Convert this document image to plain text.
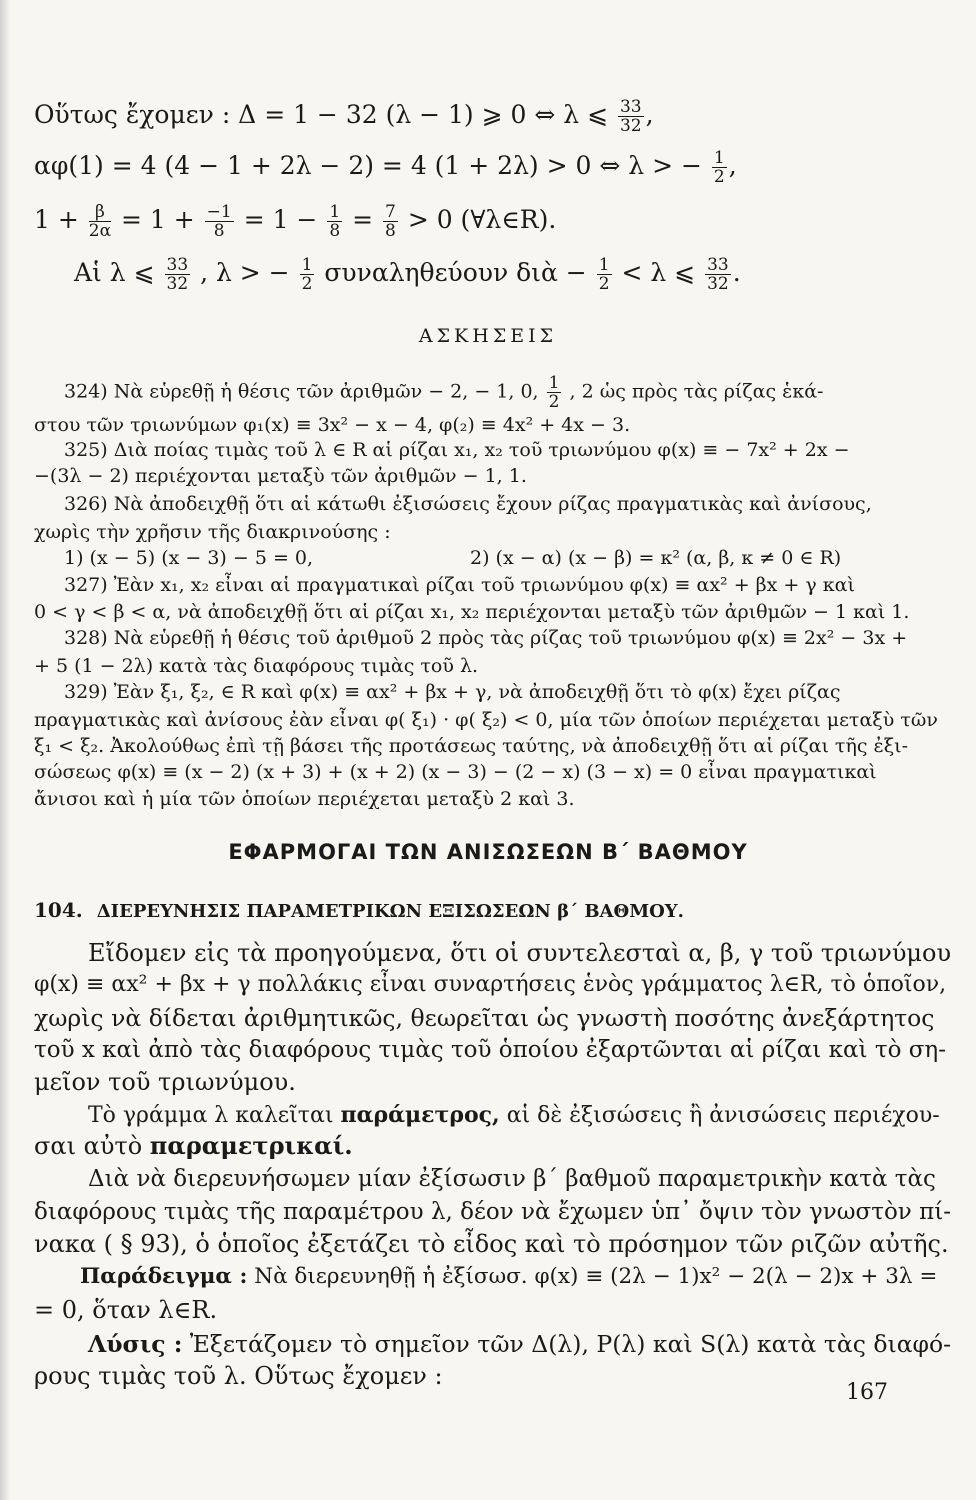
Οὕτως ἔχομεν : Δ = 1 − 32 (λ − 1) ⩾ 0 ⇔ λ ⩽ $\frac{33}{32}$ ,
αφ(1) = 4 (4 − 1 + 2λ − 2) = 4 (1 + 2λ) > 0 ⇔ λ > − $\frac{1}{2}$ ,
$1 + \frac{\beta}{2\alpha} = 1 + \frac{-1}{8} = 1 - \frac{1}{8} = \frac{7}{8} > 0$ (∀λ∈R).
Αἱ λ ⩽ $\frac{33}{32}$ , λ > − $\frac{1}{2}$ συναληθεύουν διὰ − $\frac{1}{2} < \lambda$ ⩽ $\frac{33}{32}$ .
ΑΣΚΗΣΕΙΣ
324) Νὰ εὑρεθῇ ἡ θέσις τῶν ἀριθμῶν − 2, − 1, 0, $\frac{1}{2}$ , 2 ὡς πρὸς τὰς ρίζας ἑκά-
στου τῶν τριωνύμων φ₁(x) ≡ 3x² − x − 4, φ(₂) ≡ 4x² + 4x − 3.
325) Διὰ ποίας τιμὰς τοῦ λ ∈ R αἱ ρίζαι x₁, x₂ τοῦ τριωνύμου φ(x) ≡ − 7x² + 2x −
−(3λ − 2) περιέχονται μεταξὺ τῶν ἀριθμῶν − 1, 1.
326) Νὰ ἀποδειχθῇ ὅτι αἱ κάτωθι ἐξισώσεις ἔχουν ρίζας πραγματικὰς καὶ ἀνίσους,
χωρὶς τὴν χρῆσιν τῆς διακρινούσης :
1) (x − 5) (x − 3) − 5 = 0,	2) (x − α) (x − β) = κ² (α, β, κ ≠ 0 ∈ R)
327) Ἐὰν x₁, x₂ εἶναι αἱ πραγματικαὶ ρίζαι τοῦ τριωνύμου φ(x) ≡ αx² + βx + γ καὶ
0 < γ < β < α, νὰ ἀποδειχθῇ ὅτι αἱ ρίζαι x₁, x₂ περιέχονται μεταξὺ τῶν ἀριθμῶν − 1 καὶ 1.
328) Νὰ εὑρεθῇ ἡ θέσις τοῦ ἀριθμοῦ 2 πρὸς τὰς ρίζας τοῦ τριωνύμου φ(x) ≡ 2x² − 3x +
+ 5 (1 − 2λ) κατὰ τὰς διαφόρους τιμὰς τοῦ λ.
329) Ἐὰν ξ₁, ξ₂, ∈ R καὶ φ(x) ≡ αx² + βx + γ, νὰ ἀποδειχθῇ ὅτι τὸ φ(x) ἔχει ρίζας
πραγματικὰς καὶ ἀνίσους ἐὰν εἶναι φ( ξ₁) · φ( ξ₂) < 0, μία τῶν ὁποίων περιέχεται μεταξὺ τῶν
ξ₁ < ξ₂. Ἀκολούθως ἐπὶ τῇ βάσει τῆς προτάσεως ταύτης, νὰ ἀποδειχθῇ ὅτι αἱ ρίζαι τῆς ἐξι-
σώσεως φ(x) ≡ (x − 2) (x + 3) + (x + 2) (x − 3) − (2 − x) (3 − x) = 0 εἶναι πραγματικαὶ
ἄνισοι καὶ ἡ μία τῶν ὁποίων περιέχεται μεταξὺ 2 καὶ 3.
ΕΦΑΡΜΟΓΑΙ ΤΩΝ ΑΝΙΣΩΣΕΩΝ Β΄ ΒΑΘΜΟΥ
104. ΔΙΕΡΕΥΝΗΣΙΣ ΠΑΡΑΜΕΤΡΙΚΩΝ ΕΞΙΣΩΣΕΩΝ β΄ ΒΑΘΜΟΥ.
Εἴδομεν εἰς τὰ προηγούμενα, ὅτι οἱ συντελεσταὶ α, β, γ τοῦ τριωνύμου
φ(x) ≡ αx² + βx + γ πολλάκις εἶναι συναρτήσεις ἑνὸς γράμματος λ∈R, τὸ ὁποῖον,
χωρὶς νὰ δίδεται ἀριθμητικῶς, θεωρεῖται ὡς γνωστὴ ποσότης ἀνεξάρτητος
τοῦ x καὶ ἀπὸ τὰς διαφόρους τιμὰς τοῦ ὁποίου ἐξαρτῶνται αἱ ρίζαι καὶ τὸ ση-
μεῖον τοῦ τριωνύμου.
Τὸ γράμμα λ καλεῖται παράμετρος, αἱ δὲ ἐξισώσεις ἢ ἀνισώσεις περιέχου-
σαι αὐτὸ παραμετρικαί.
Διὰ νὰ διερευνήσωμεν μίαν ἐξίσωσιν β΄ βαθμοῦ παραμετρικὴν κατὰ τὰς
διαφόρους τιμὰς τῆς παραμέτρου λ, δέον νὰ ἔχωμεν ὑπ᾽ ὄψιν τὸν γνωστὸν πί-
νακα ( § 93), ὁ ὁποῖος ἐξετάζει τὸ εἶδος καὶ τὸ πρόσημον τῶν ριζῶν αὐτῆς.
Παράδειγμα : Νὰ διερευνηθῇ ἡ ἐξίσωσ. φ(x) ≡ (2λ − 1)x² − 2(λ − 2)x + 3λ =
= 0, ὅταν λ∈R.
Λύσις : Ἐξετάζομεν τὸ σημεῖον τῶν Δ(λ), P(λ) καὶ S(λ) κατὰ τὰς διαφό-
ρους τιμὰς τοῦ λ. Οὕτως ἔχομεν :
167
